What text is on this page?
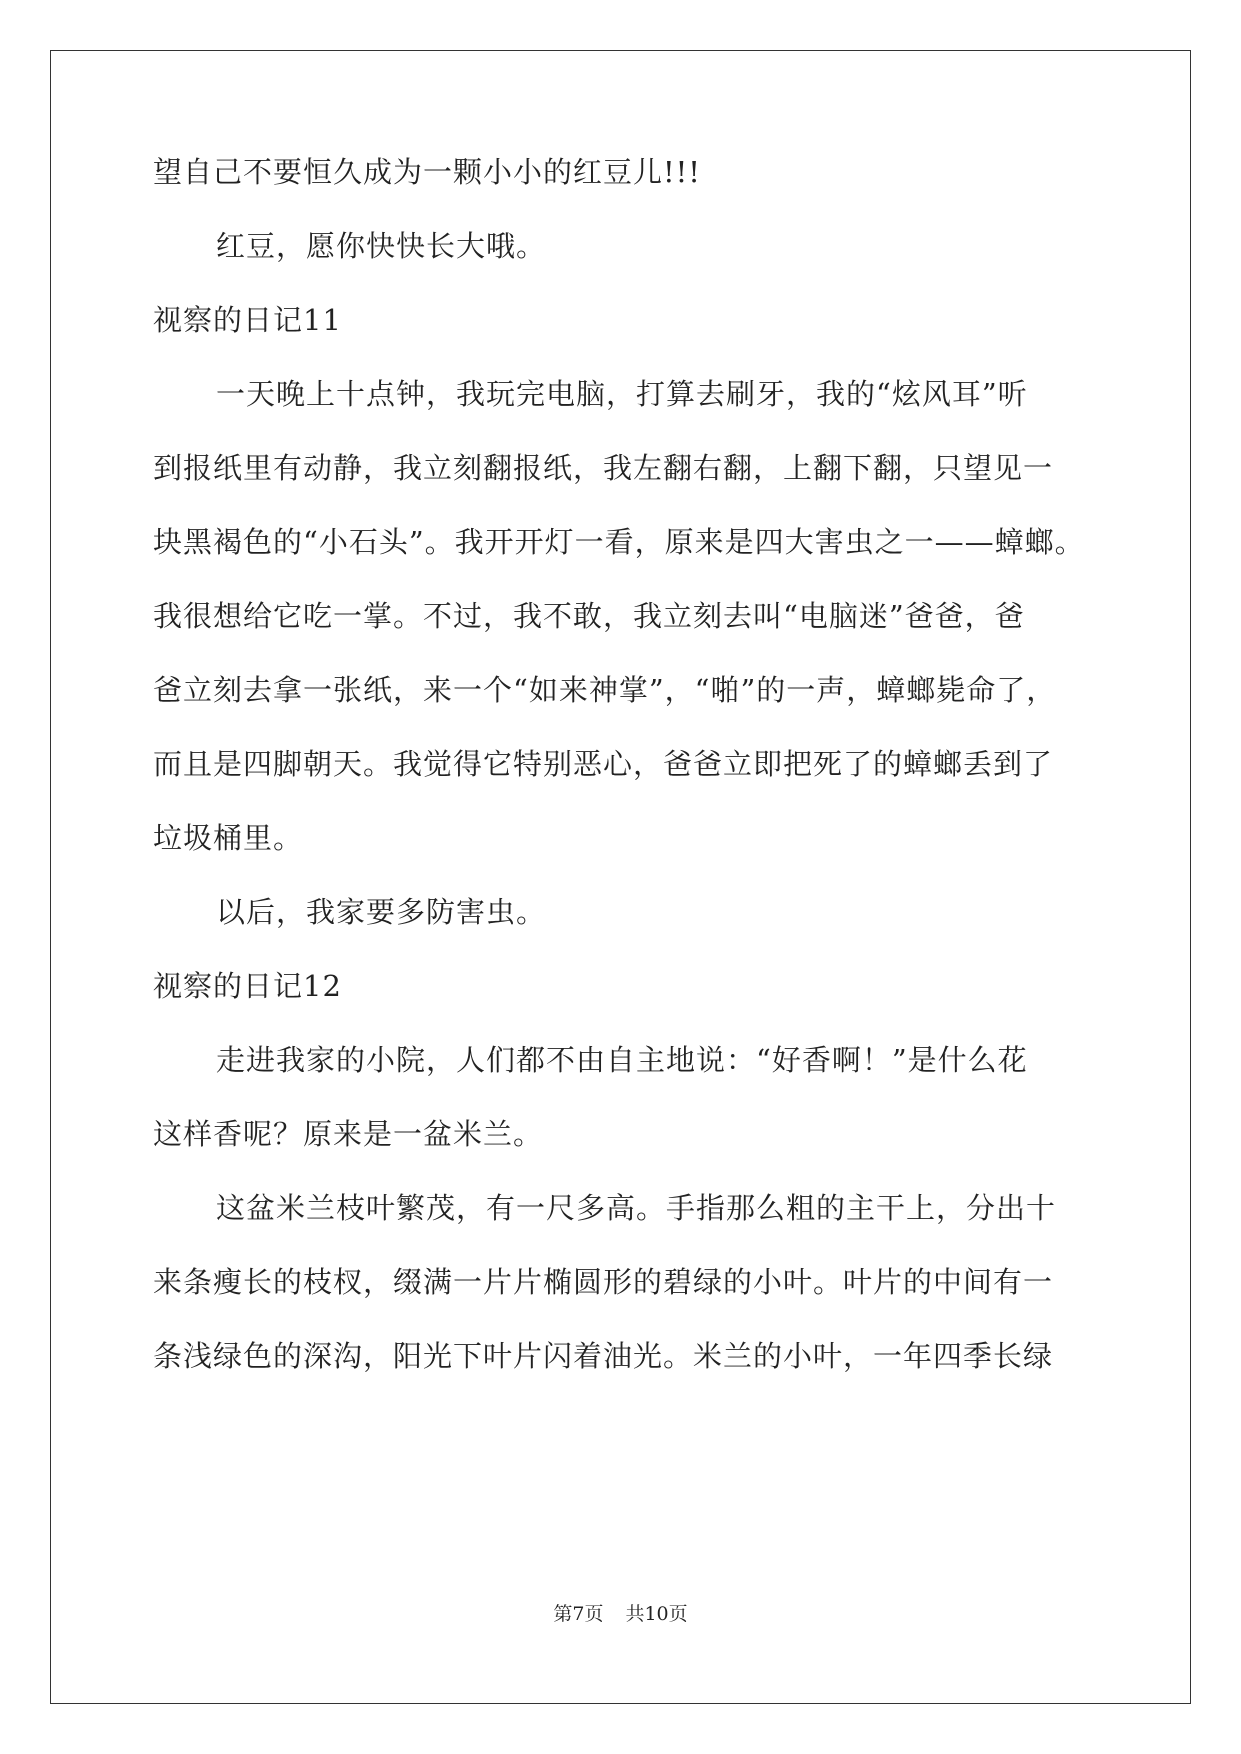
望自己不要恒久成为一颗小小的红豆儿!!!
红豆，愿你快快长大哦。
视察的日记11
一天晚上十点钟，我玩完电脑，打算去刷牙，我的“炫风耳”听
到报纸里有动静，我立刻翻报纸，我左翻右翻，上翻下翻，只望见一
块黑褐色的“小石头”。我开开灯一看，原来是四大害虫之一——蟑螂。
我很想给它吃一掌。不过，我不敢，我立刻去叫“电脑迷”爸爸，爸
爸立刻去拿一张纸，来一个“如来神掌”，“啪”的一声，蟑螂毙命了，
而且是四脚朝天。我觉得它特别恶心，爸爸立即把死了的蟑螂丢到了
垃圾桶里。
以后，我家要多防害虫。
视察的日记12
走进我家的小院，人们都不由自主地说：“好香啊！”是什么花
这样香呢？原来是一盆米兰。
这盆米兰枝叶繁茂，有一尺多高。手指那么粗的主干上，分出十
来条瘦长的枝杈，缀满一片片椭圆形的碧绿的小叶。叶片的中间有一
条浅绿色的深沟，阳光下叶片闪着油光。米兰的小叶，一年四季长绿
第7页 共10页
